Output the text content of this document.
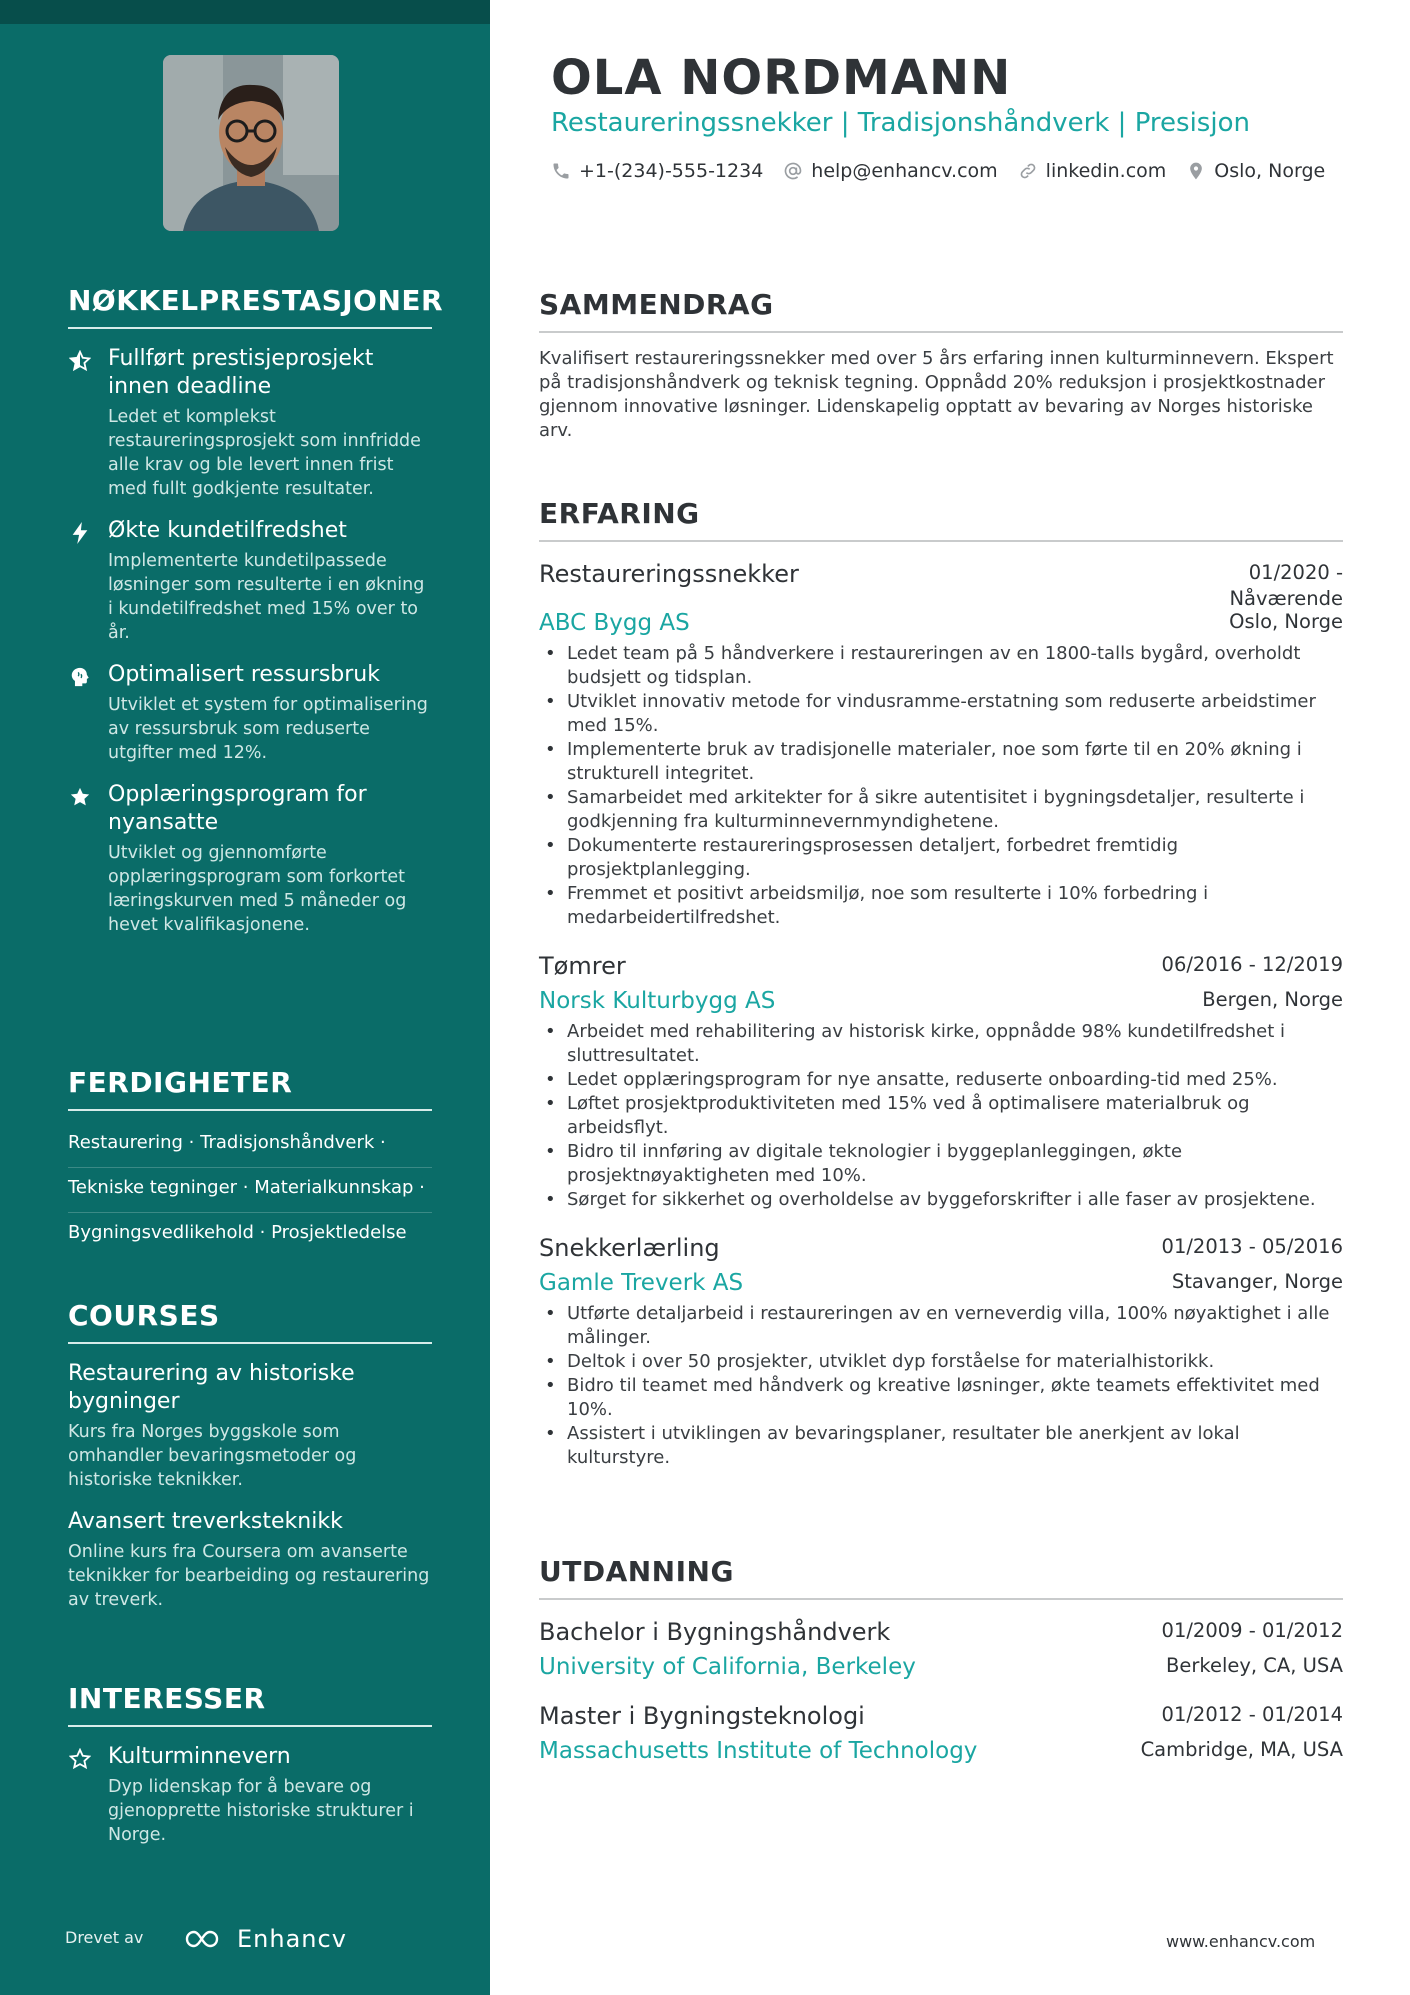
NØKKELPRESTASJONER
Fullført prestisjeprosjekt innen deadline
Ledet et komplekst restaureringsprosjekt som innfridde alle krav og ble levert innen frist med fullt godkjente resultater.
Økte kundetilfredshet
Implementerte kundetilpassede løsninger som resulterte i en økning i kundetilfredshet med 15% over to år.
Optimalisert ressursbruk
Utviklet et system for optimalisering av ressursbruk som reduserte utgifter med 12%.
Opplæringsprogram for nyansatte
Utviklet og gjennomførte opplæringsprogram som forkortet læringskurven med 5 måneder og hevet kvalifikasjonene.
FERDIGHETER
Restaurering · Tradisjonshåndverk ·
Tekniske tegninger · Materialkunnskap ·
Bygningsvedlikehold · Prosjektledelse
COURSES
Restaurering av historiske bygninger
Kurs fra Norges byggskole som omhandler bevaringsmetoder og historiske teknikker.
Avansert treverksteknikk
Online kurs fra Coursera om avanserte teknikker for bearbeiding og restaurering av treverk.
INTERESSER
Kulturminnevern
Dyp lidenskap for å bevare og gjenopprette historiske strukturer i Norge.
Drevet av	Enhancv
OLA NORDMANN
Restaureringssnekker | Tradisjonshåndverk | Presisjon
+1-(234)-555-1234	help@enhancv.com	linkedin.com	Oslo, Norge
SAMMENDRAG

Kvalifisert restaureringssnekker med over 5 års erfaring innen kulturminnevern. Ekspert på tradisjonshåndverk og teknisk tegning. Oppnådd 20% reduksjon i prosjektkostnader gjennom innovative løsninger. Lidenskapelig opptatt av bevaring av Norges historiske arv.

ERFARING
Restaureringssnekker	01/2020 -
Nåværende
ABC Bygg AS	Oslo, Norge
• Ledet team på 5 håndverkere i restaureringen av en 1800-talls bygård, overholdt budsjett og tidsplan.
• Utviklet innovativ metode for vindusramme-erstatning som reduserte arbeidstimer med 15%.
• Implementerte bruk av tradisjonelle materialer, noe som førte til en 20% økning i strukturell integritet.
• Samarbeidet med arkitekter for å sikre autentisitet i bygningsdetaljer, resulterte i godkjenning fra kulturminnevernmyndighetene.
• Dokumenterte restaureringsprosessen detaljert, forbedret fremtidig prosjektplanlegging.
• Fremmet et positivt arbeidsmiljø, noe som resulterte i 10% forbedring i medarbeidertilfredshet.
Tømrer	06/2016 - 12/2019
Norsk Kulturbygg AS	Bergen, Norge
• Arbeidet med rehabilitering av historisk kirke, oppnådde 98% kundetilfredshet i sluttresultatet.
• Ledet opplæringsprogram for nye ansatte, reduserte onboarding-tid med 25%.
• Løftet prosjektproduktiviteten med 15% ved å optimalisere materialbruk og arbeidsflyt.
• Bidro til innføring av digitale teknologier i byggeplanleggingen, økte prosjektnøyaktigheten med 10%.
• Sørget for sikkerhet og overholdelse av byggeforskrifter i alle faser av prosjektene.
Snekkerlærling	01/2013 - 05/2016
Gamle Treverk AS	Stavanger, Norge
• Utførte detaljarbeid i restaureringen av en verneverdig villa, 100% nøyaktighet i alle målinger.
• Deltok i over 50 prosjekter, utviklet dyp forståelse for materialhistorikk.
• Bidro til teamet med håndverk og kreative løsninger, økte teamets effektivitet med 10%.
• Assistert i utviklingen av bevaringsplaner, resultater ble anerkjent av lokal kulturstyre.
UTDANNING
Bachelor i Bygningshåndverk	01/2009 - 01/2012
University of California, Berkeley	Berkeley, CA, USA
Master i Bygningsteknologi	01/2012 - 01/2014
Massachusetts Institute of Technology	Cambridge, MA, USA
www.enhancv.com
